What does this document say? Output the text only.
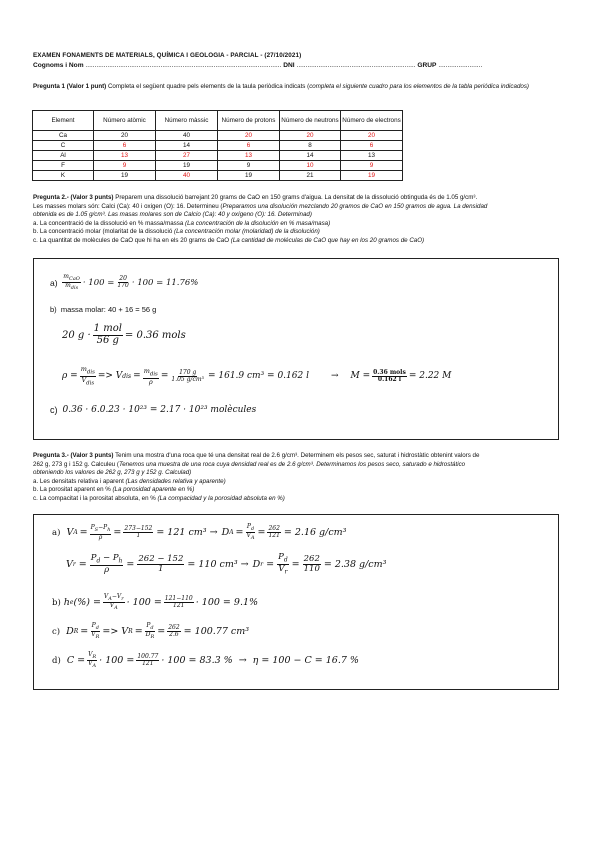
EXAMEN FONAMENTS DE MATERIALS, QUÍMICA I GEOLOGIA - PARCIAL - (27/10/2021)
Cognoms i Nom ........................................................................................................... DNI ................................................................. GRUP ........................
Pregunta 1 (Valor 1 punt) Completa el següent quadre pels elements de la taula periòdica indicats (completa el siguiente cuadro para los elementos de la tabla periódica indicados)
Element	Número atòmic	Número màssic	Número de protons	Número de neutrons	Número de electrons
Ca	20	40	20	20	20
C	6	14	6	8	6
Al	13	27	13	14	13
F	9	19	9	10	9
K	19	40	19	21	19
Pregunta 2.- (Valor 3 punts) Preparem una dissolució barrejant 20 grams de CaO en 150 grams d'aigua. La densitat de la dissolució obtinguda és de 1.05 g/cm³.
Les masses molars són: Calci (Ca): 40 i oxigen (O): 16. Determineu (Preparamos una disolución mezclando 20 gramos de CaO en 150 gramos de agua. La densidad
obtenida es de 1.05 g/cm³. Las masas molares son de Calcio (Ca): 40 y oxígeno (O): 16. Determinad)
a. La concentració de la dissolució en % massa/massa (La concentración de la disolución en % masa/masa)
b. La concentració molar (molaritat de la dissolució (La concentración molar (molaridad) de la disolución)
c. La quantitat de molècules de CaO que hi ha en els 20 grams de CaO (La cantidad de moléculas de CaO que hay en los 20 gramos de CaO)
a)
$\frac{m_{CaO}}{m_{dis}} \cdot 100 = \frac{20}{170} \cdot 100 = 11.76\%$
b)
massa molar: 40 + 16 = 56 g
20 $g \cdot \frac{\text{1 mol}}{56 g} = 0.36$ mols
$\rho = \frac{m_{dis}}{V_{dis}} => V$ dis = $\frac{m_{dis}}{\rho} = \frac{170 g}{\text{1.05 g/cm³}} = 161.9$ cm³ = 0.162 $l \to M = \frac{\text{0.36 mols}}{0.162 l} = 2.22$ M
c)
0.36 · 6.0.23 · 10²³ = 2.17 · 10²³ molècules
Pregunta 3.- (Valor 3 punts) Tenim una mostra d'una roca que té una densitat real de 2.6 g/cm³. Determinem els pesos sec, saturat i hidrostàtic obtenint valors de
262 g, 273 g i 152 g. Calculeu (Tenemos una muestra de una roca cuya densidad real es de 2.6 g/cm³. Determinamos los pesos seco, saturado e hidrostático
obteniendo los valores de 262 g, 273 g y 152 g. Calculad)
a. Les densitats relativa i aparent (Las densidades relativa y aparente)
b. La porositat aparent en % (La porosidad aparente en %)
c. La compacitat i la porositat absoluta, en % (La compacidad y la porosidad absoluta en %)
a)
V $A = \frac{P_S-P_h}{\rho} = \frac{273-152}{1} = 121$ cm³ → D $A = \frac{P_d}{V_A} = \frac{262}{121} = 2.16$ g/cm³
V $r = \frac{P_d - P_h}{\rho} = \frac{262 - 152}{1} = 110$ cm³ → D $r = \frac{P_d}{V_r} = \frac{262}{110} = 2.38$ g/cm³
b)
h e (%) = $\frac{V_A-V_r}{V_A} \cdot 100 = \frac{121-110}{121} \cdot 100 = 9.1\%$
c)
D $R = \frac{P_d}{V_R} => V$ $R = \frac{P_d}{D_R} = \frac{262}{2.6} = 100.77$ cm³
d)
$C = \frac{V_R}{V_A} \cdot 100 = \frac{100.77}{121} \cdot 100 = 83.3$ % → η = 100 − C = 16.7 %
